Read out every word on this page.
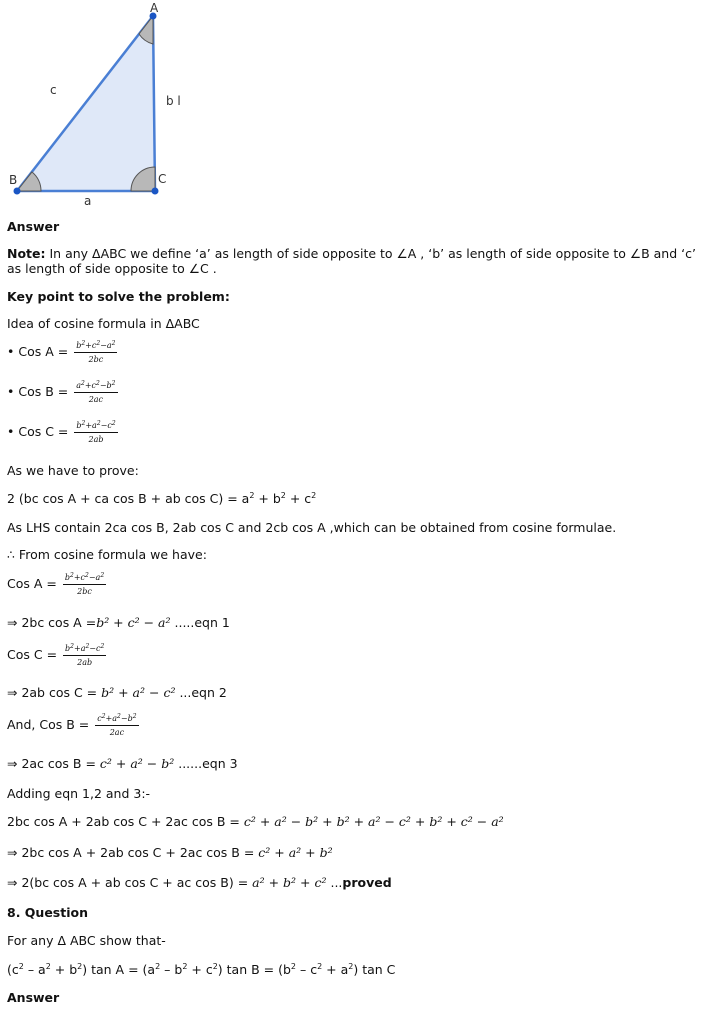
A
B	C
c
b l
a
Answer
Note: In any ΔABC we define ‘a’ as length of side opposite to ∠A , ‘b’ as length of side opposite to ∠B and ‘c’
as length of side opposite to ∠C .
Key point to solve the problem:
Idea of cosine formula in ΔABC
• Cos $A = \frac{b^2+c^2-a^2}{2bc}$
• Cos $B = \frac{a^2+c^2-b^2}{2ac}$
• Cos $C = \frac{b^2+a^2-c^2}{2ab}$
As we have to prove:
2 (bc cos A + ca cos B + ab $\cos C) = a^2 + b^2 + c^2$
As LHS contain 2ca cos B, 2ab cos C and 2cb cos A ,which can be obtained from cosine formulae.
∴ From cosine formula we have:
Cos $A = \frac{b^2+c^2-a^2}{2bc}$
⇒ 2bc cos A =b² + c² − a² .....eqn 1
Cos $C = \frac{b^2+a^2-c^2}{2ab}$
⇒ 2ab cos C = b² + a² − c² ...eqn 2
And, Cos $B = \frac{c^2+a^2-b^2}{2ac}$
⇒ 2ac cos B = c² + a² − b² ......eqn 3
Adding eqn 1,2 and 3:-
2bc cos A + 2ab cos C + 2ac cos B = c² + a² − b² + b² + a² − c² + b² + c² − a²
⇒ 2bc cos A + 2ab cos C + 2ac cos B = c² + a² + b²
⇒ 2(bc cos A + ab cos C + ac cos B) = a² + b² + c² ...proved
8. Question
For any Δ ABC show that-
$(c^2 - a^2 + b^2)$ $\tan A = (a^2 - b^2 + c^2)$ $\tan B = (b^2 - c^2 + a^2)$ tan C
Answer
